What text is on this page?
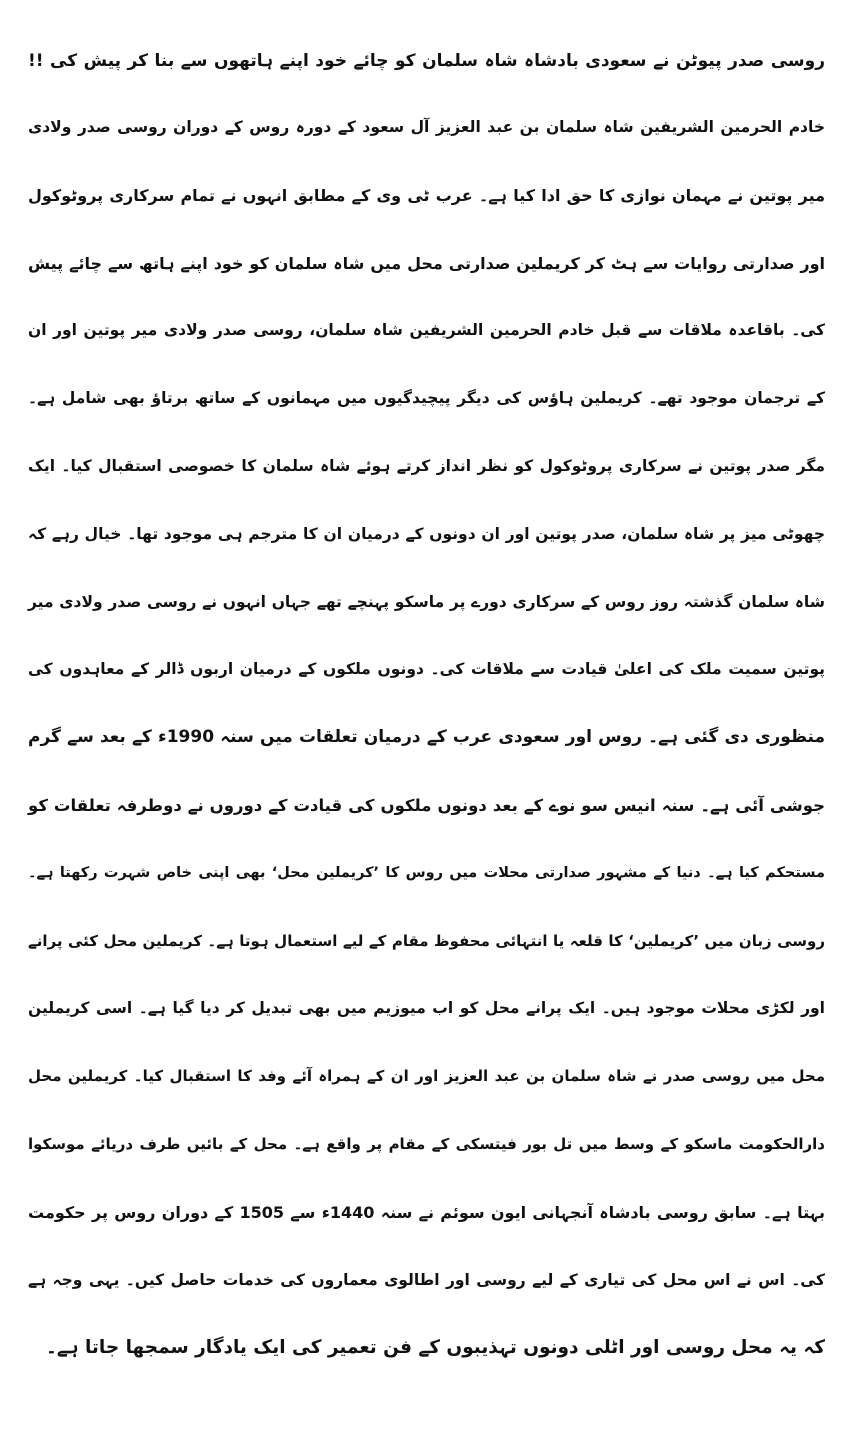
روسی صدر پیوٹن نے سعودی بادشاہ شاہ سلمان کو چائے خود اپنے ہاتھوں سے بنا کر پیش کی !!

خادم الحرمین الشریفین شاہ سلمان بن عبد العزیز آل سعود کے دورہ روس کے دوران روسی صدر ولادی

میر پوتین نے مہمان نوازی کا حق ادا کیا ہے۔ عرب ٹی وی کے مطابق انہوں نے تمام سرکاری پروٹوکول

اور صدارتی روایات سے ہٹ کر کریملین صدارتی محل میں شاہ سلمان کو خود اپنے ہاتھ سے چائے پیش

کی۔ باقاعدہ ملاقات سے قبل خادم الحرمین الشریفین شاہ سلمان، روسی صدر ولادی میر پوتین اور ان

کے ترجمان موجود تھے۔ کریملین ہاؤس کی دیگر پیچیدگیوں میں مہمانوں کے ساتھ برتاؤ بھی شامل ہے۔

مگر صدر پوتین نے سرکاری پروٹوکول کو نظر انداز کرتے ہوئے شاہ سلمان کا خصوصی استقبال کیا۔ ایک

چھوٹی میز پر شاہ سلمان، صدر پوتین اور ان دونوں کے درمیان ان کا مترجم ہی موجود تھا۔ خیال رہے کہ

شاہ سلمان گذشتہ روز روس کے سرکاری دورے پر ماسکو پہنچے تھے جہاں انہوں نے روسی صدر ولادی میر

پوتین سمیت ملک کی اعلیٰ قیادت سے ملاقات کی۔ دونوں ملکوں کے درمیان اربوں ڈالر کے معاہدوں کی

منظوری دی گئی ہے۔ روس اور سعودی عرب کے درمیان تعلقات میں سنہ 1990ء کے بعد سے گرم

جوشی آئی ہے۔ سنہ انیس سو نوے کے بعد دونوں ملکوں کی قیادت کے دوروں نے دوطرفہ تعلقات کو

مستحکم کیا ہے۔ دنیا کے مشہور صدارتی محلات میں روس کا ’کریملین محل‘ بھی اپنی خاص شہرت رکھتا ہے۔

روسی زبان میں ’کریملین‘ کا قلعہ یا انتہائی محفوظ مقام کے لیے استعمال ہوتا ہے۔ کریملین محل کئی پرانے

اور لکڑی محلات موجود ہیں۔ ایک پرانے محل کو اب میوزیم میں بھی تبدیل کر دیا گیا ہے۔ اسی کریملین

محل میں روسی صدر نے شاہ سلمان بن عبد العزیز اور ان کے ہمراہ آئے وفد کا استقبال کیا۔ کریملین محل

دارالحکومت ماسکو کے وسط میں تل بور فیتسکی کے مقام پر واقع ہے۔ محل کے بائیں طرف دریائے موسکوا

بہتا ہے۔ سابق روسی بادشاہ آنجہانی ایون سوئم نے سنہ 1440ء سے 1505 کے دوران روس پر حکومت

کی۔ اس نے اس محل کی تیاری کے لیے روسی اور اطالوی معماروں کی خدمات حاصل کیں۔ یہی وجہ ہے

کہ یہ محل روسی اور اٹلی دونوں تہذیبوں کے فن تعمیر کی ایک یادگار سمجھا جاتا ہے۔
